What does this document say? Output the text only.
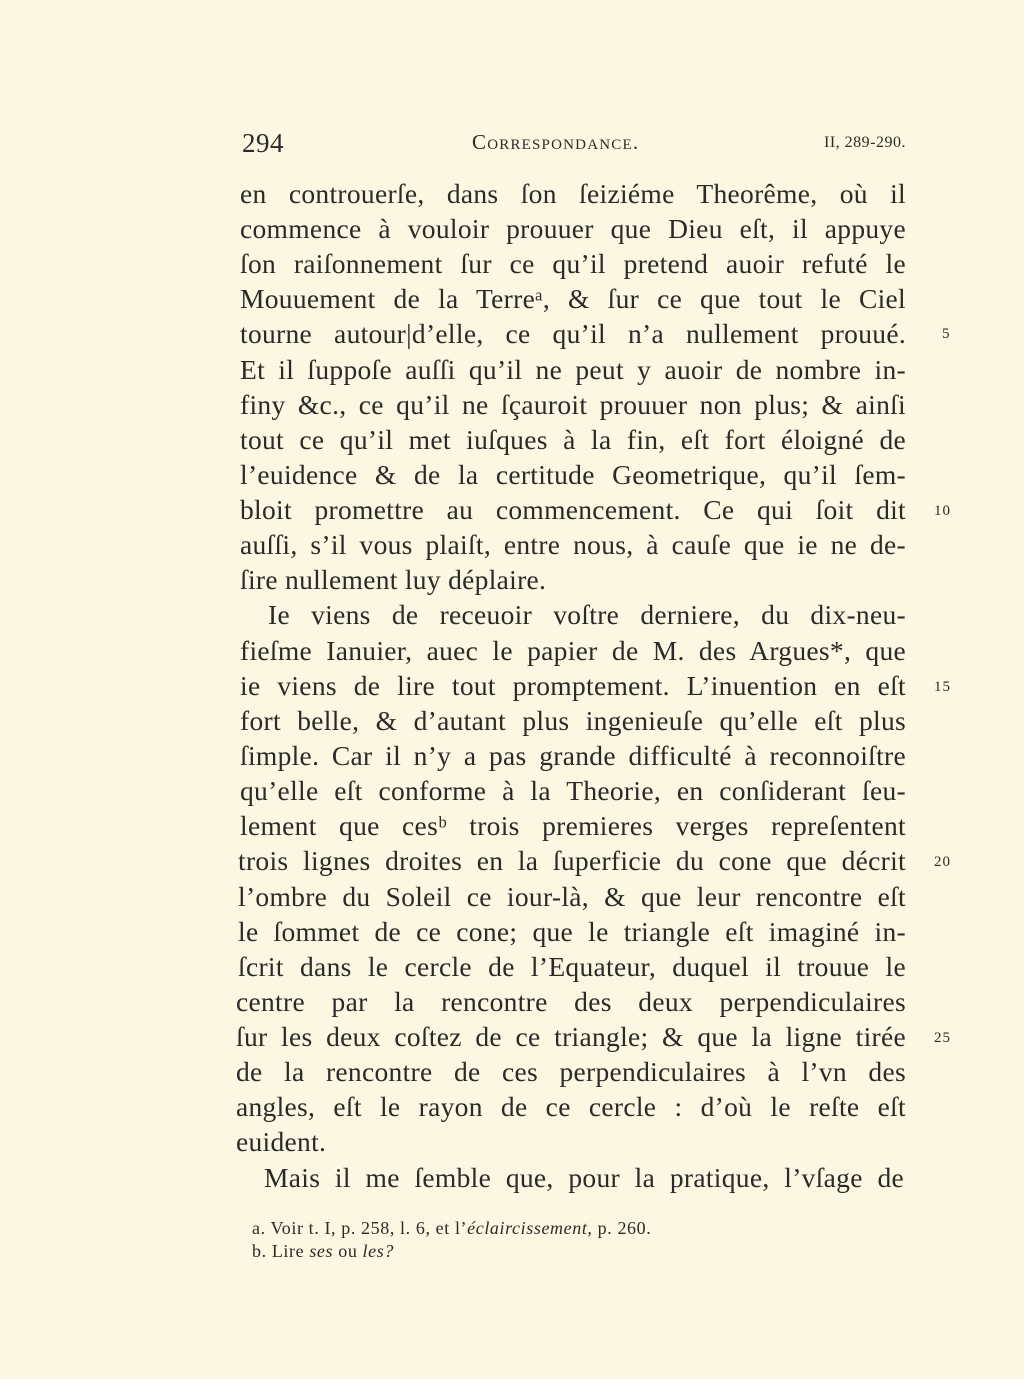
294	Correspondance.	II, 289-290.
en controuerſe, dans ſon ſeiziéme Theorême, où il
commence à vouloir prouuer que Dieu eſt, il appuye
ſon raiſonnement ſur ce qu’il pretend auoir refuté le
Mouuement de la Terreᵃ, & ſur ce que tout le Ciel
tourne autour|d’elle, ce qu’il n’a nullement prouué.
Et il ſuppoſe auſſi qu’il ne peut y auoir de nombre in-
finy &c., ce qu’il ne ſçauroit prouuer non plus; & ainſi
tout ce qu’il met iuſques à la fin, eſt fort éloigné de
l’euidence & de la certitude Geometrique, qu’il ſem-
bloit promettre au commencement. Ce qui ſoit dit
auſſi, s’il vous plaiſt, entre nous, à cauſe que ie ne de-
ſire nullement luy déplaire.
Ie viens de receuoir voſtre derniere, du dix-neu-
fieſme Ianuier, auec le papier de M. des Argues*, que
ie viens de lire tout promptement. L’inuention en eſt
fort belle, & d’autant plus ingenieuſe qu’elle eſt plus
ſimple. Car il n’y a pas grande difficulté à reconnoiſtre
qu’elle eſt conforme à la Theorie, en conſiderant ſeu-
lement que cesᵇ trois premieres verges repreſentent
trois lignes droites en la ſuperficie du cone que décrit
l’ombre du Soleil ce iour-là, & que leur rencontre eſt
le ſommet de ce cone; que le triangle eſt imaginé in-
ſcrit dans le cercle de l’Equateur, duquel il trouue le
centre par la rencontre des deux perpendiculaires
ſur les deux coſtez de ce triangle; & que la ligne tirée
de la rencontre de ces perpendiculaires à l’vn des
angles, eſt le rayon de ce cercle : d’où le reſte eſt
euident.
Mais il me ſemble que, pour la pratique, l’vſage de
5
10
15
20
25
a. Voir t. I, p. 258, l. 6, et l’éclaircissement, p. 260.
b. Lire ses ou les?
